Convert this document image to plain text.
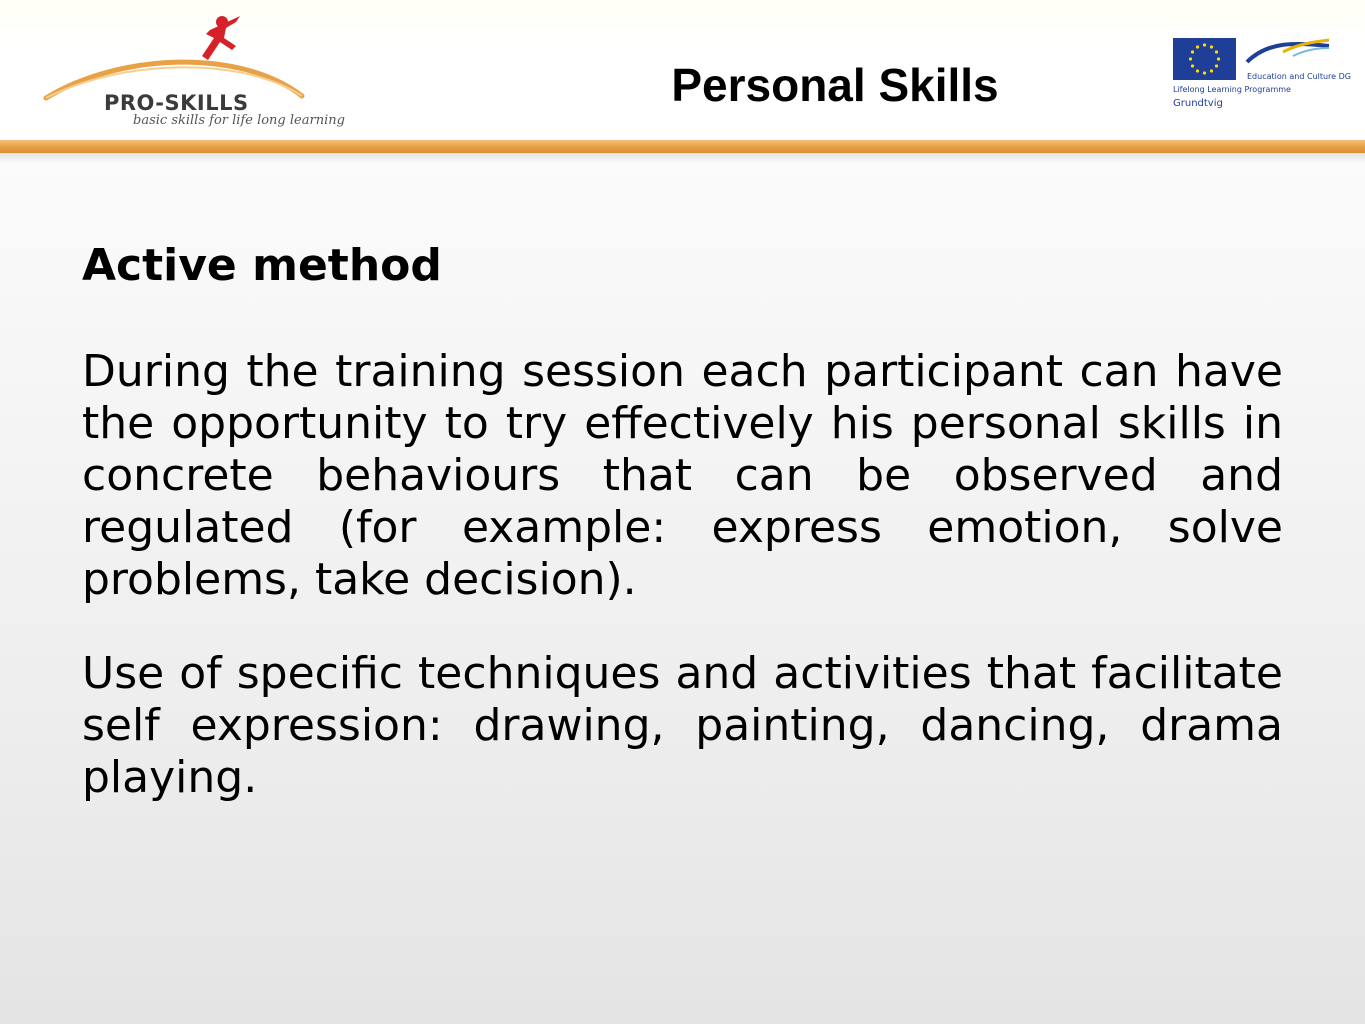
PRO-SKILLS
basic skills for life long learning
Personal Skills	Education and Culture DG
Lifelong Learning Programme
Grundtvig
Active method

During the training session each participant can have the opportunity to try effectively his personal skills in concrete behaviours that can be observed and regulated (for example: express emotion, solve problems, take decision).

Use of specific techniques and activities that facilitate self expression: drawing, painting, dancing, drama playing.
